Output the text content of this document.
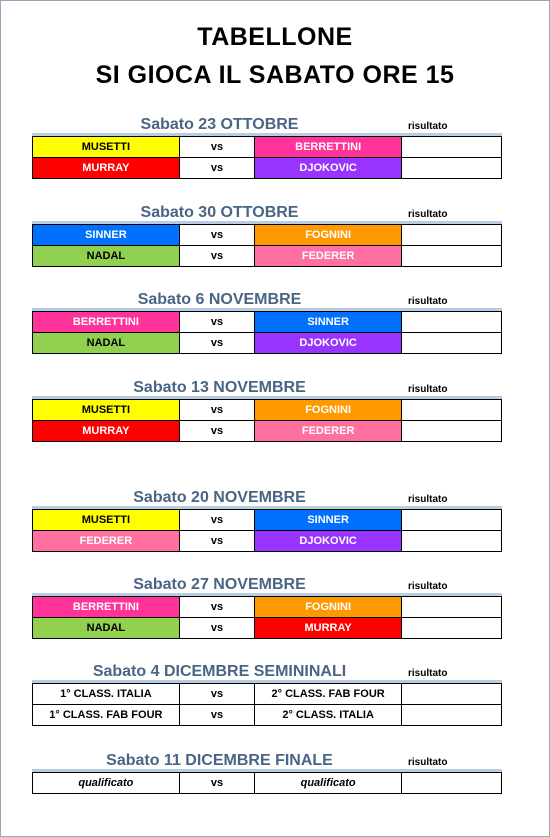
TABELLONE
SI GIOCA IL SABATO ORE 15
Sabato 23 OTTOBRE	risultato
MUSETTI	vs	BERRETTINI	
MURRAY	vs	DJOKOVIC	
Sabato 30 OTTOBRE	risultato
SINNER	vs	FOGNINI	
NADAL	vs	FEDERER	
Sabato 6 NOVEMBRE	risultato
BERRETTINI	vs	SINNER	
NADAL	vs	DJOKOVIC	
Sabato 13 NOVEMBRE	risultato
MUSETTI	vs	FOGNINI	
MURRAY	vs	FEDERER	
Sabato 20 NOVEMBRE	risultato
MUSETTI	vs	SINNER	
FEDERER	vs	DJOKOVIC	
Sabato 27 NOVEMBRE	risultato
BERRETTINI	vs	FOGNINI	
NADAL	vs	MURRAY	
Sabato 4 DICEMBRE SEMININALI	risultato
1° CLASS. ITALIA	vs	2° CLASS. FAB FOUR	
1° CLASS. FAB FOUR	vs	2° CLASS. ITALIA	
Sabato 11 DICEMBRE FINALE	risultato
qualificato	vs	qualificato	
